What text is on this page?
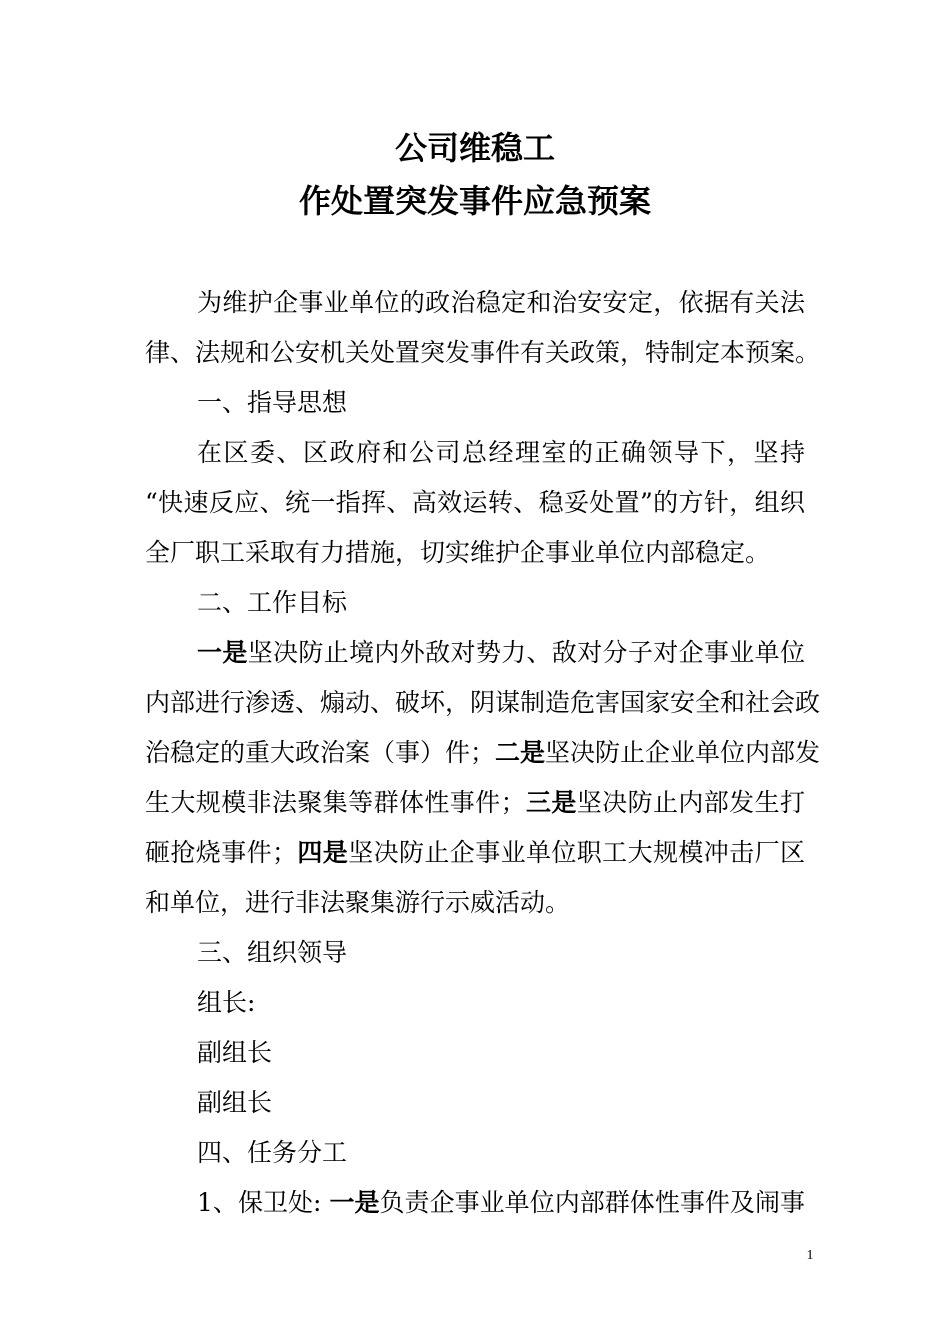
公司维稳工
作处置突发事件应急预案
为维护企事业单位的政治稳定和治安安定，依据有关法
律、法规和公安机关处置突发事件有关政策，特制定本预案。
一、指导思想
在区委、区政府和公司总经理室的正确领导下，坚持
“快速反应、统一指挥、高效运转、稳妥处置”的方针，组织
全厂职工采取有力措施，切实维护企事业单位内部稳定。
二、工作目标
一是坚决防止境内外敌对势力、敌对分子对企事业单位
内部进行渗透、煽动、破坏，阴谋制造危害国家安全和社会政
治稳定的重大政治案（事）件；二是坚决防止企业单位内部发
生大规模非法聚集等群体性事件；三是坚决防止内部发生打
砸抢烧事件；四是坚决防止企事业单位职工大规模冲击厂区
和单位，进行非法聚集游行示威活动。
三、组织领导
组长:
副组长
副组长
四、任务分工
1、保卫处: 一是负责企事业单位内部群体性事件及闹事
1
